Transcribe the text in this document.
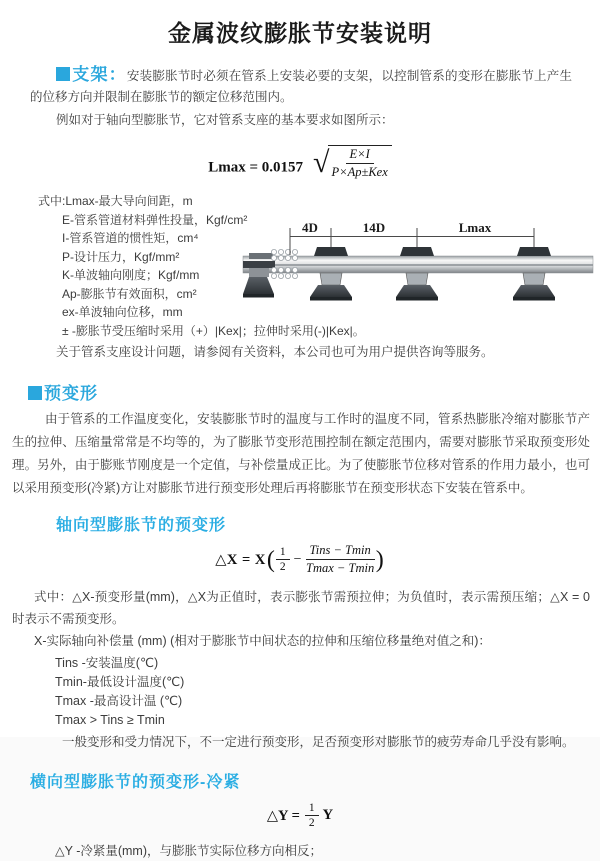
金属波纹膨胀节安装说明

支架：安装膨胀节时必须在管系上安装必要的支架，以控制管系的变形在膨胀节上产生的位移方向并限制在膨胀节的额定位移范围内。

例如对于轴向型膨胀节，它对管系支座的基本要求如图所示：

Lmax = 0.0157 √ $\frac{E\times I}{\text{P×Ap±Kex}}$
式中:Lmax-最大导向间距，m
E-管系管道材料弹性投量，Kgf/cm²
I-管系管道的惯性矩，cm⁴
P-设计压力，Kgf/mm²
K-单波轴向刚度；Kgf/mm
Ap-膨胀节有效面积，cm²
ex-单波轴向位移，mm
± -膨胀节受压缩时采用（+）|Kex|；拉伸时采用(-)|Kex|。
4D	14D	Lmax

关于管系支座设计问题，请参阅有关资料，本公司也可为用户提供咨询等服务。

预变形

由于管系的工作温度变化，安装膨胀节时的温度与工作时的温度不同，管系热膨胀冷缩对膨胀节产生的拉伸、压缩量常常是不均等的，为了膨胀节变形范围控制在额定范围内，需要对膨胀节采取预变形处理。另外，由于膨账节刚度是一个定值，与补偿量成正比。为了使膨胀节位移对管系的作用力最小，也可以采用预变形(冷紧)方让对膨胀节进行预变形处理后再将膨胀节在预变形状态下安装在管系中。

轴向型膨胀节的预变形
△X = X ( $\frac{1}{2} - \frac{\text{Tins − Tmin}}{Tmax - Tmin}$ )

式中：△X-预变形量(mm)，△X为正值时，表示膨张节需预拉伸；为负值时，表示需预压缩；△X = 0时表示不需预变形。

X-实际轴向补偿量 (mm) (相对于膨胀节中间状态的拉伸和压缩位移量绝对值之和)：

Tins -安装温度(℃)
Tmin-最低设计温度(℃)
Tmax -最高设计温 (℃)
Tmax > Tins ≥ Tmin

一般变形和受力情况下，不一定进行预变形，足否预变形对膨胀节的疲劳寿命几乎没有影响。

横向型膨胀节的预变形-冷紧
△Y = $\frac{1}{2}$ Y

△Y -冷紧量(mm)，与膨胀节实际位移方向相反；
